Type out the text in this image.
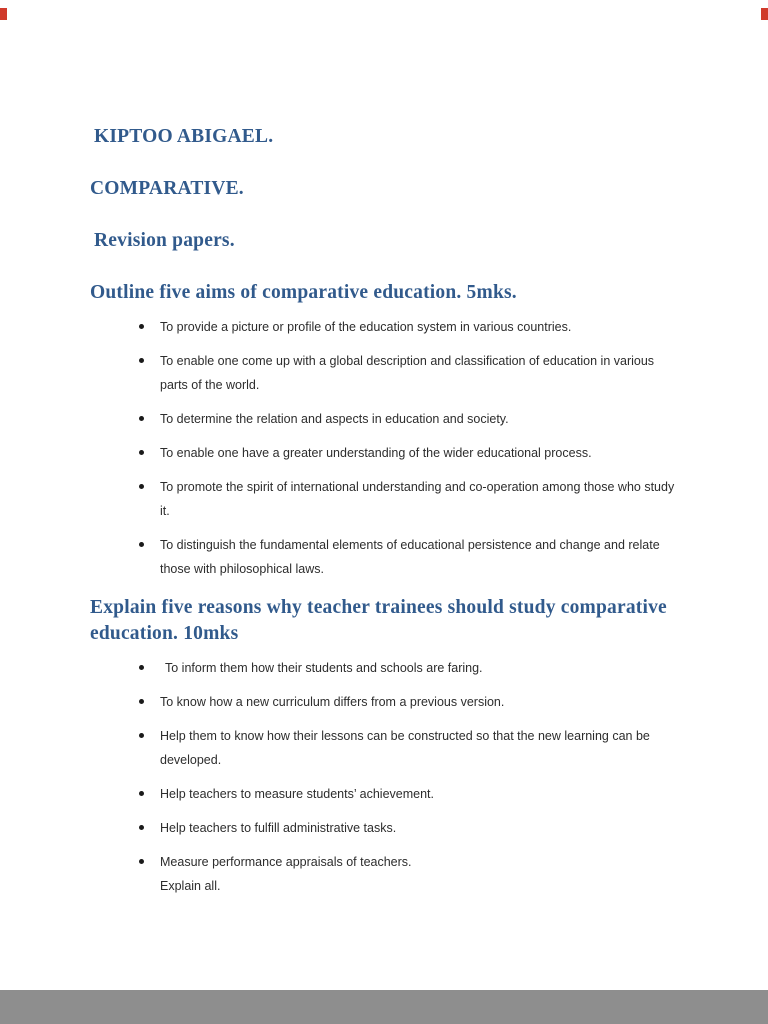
KIPTOO ABIGAEL.
COMPARATIVE.
Revision papers.
Outline five aims of comparative education. 5mks.
To provide a picture or profile of the education system in various countries.
To enable one come up with a global description and classification of education in various parts of the world.
To determine the relation and aspects in education and society.
To enable one have a greater understanding of the wider educational process.
To promote the spirit of international understanding and co-operation among those who study it.
To distinguish the fundamental elements of educational persistence and change and relate those with philosophical laws.
Explain five reasons why teacher trainees should study comparative education. 10mks
To inform them how their students and schools are faring.
To know how a new curriculum differs from a previous version.
Help them to know how their lessons can be constructed so that the new learning can be developed.
Help teachers to measure students’ achievement.
Help teachers to fulfill administrative tasks.
Measure performance appraisals of teachers.
Explain all.
